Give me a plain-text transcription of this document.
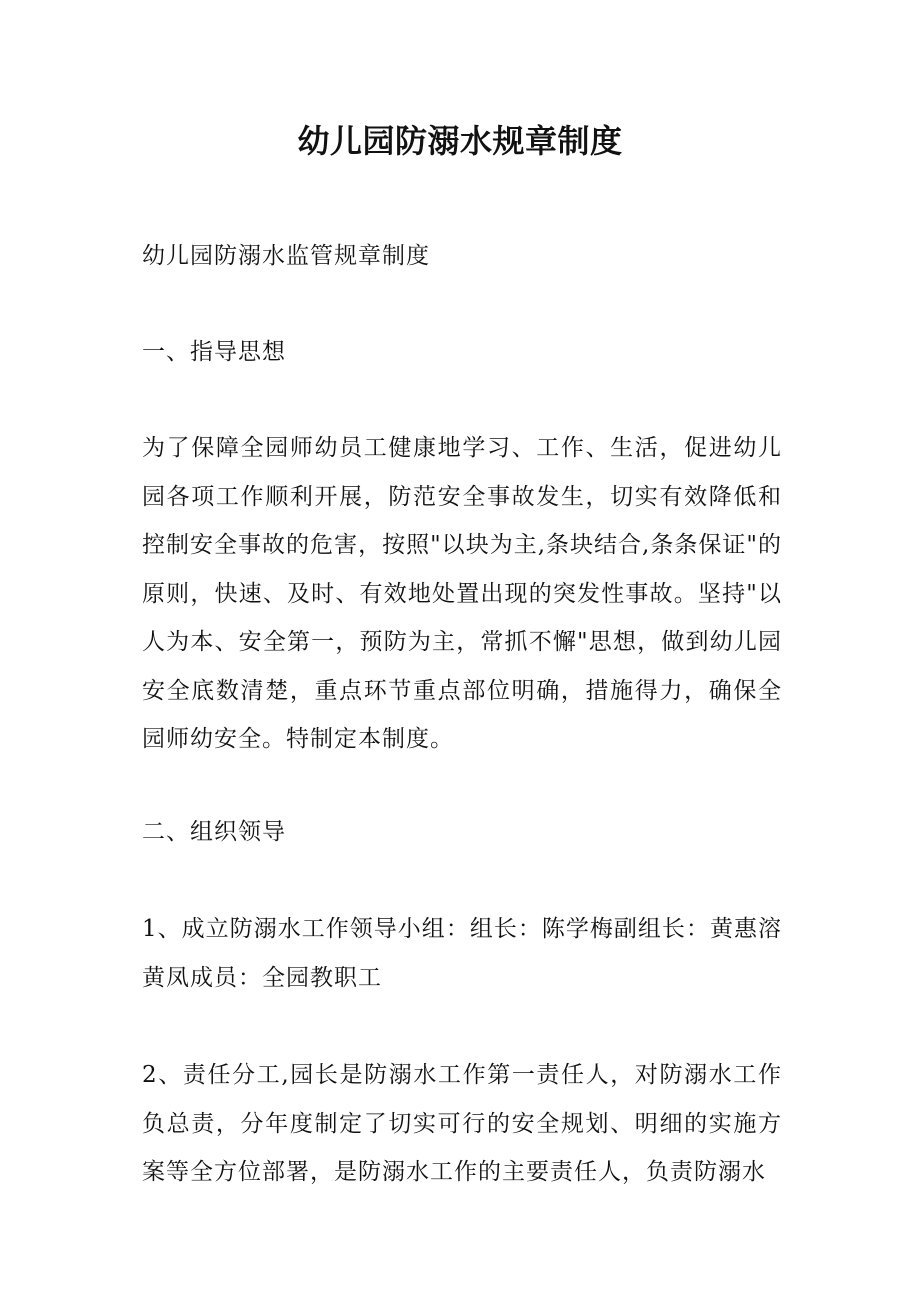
幼儿园防溺水规章制度

幼儿园防溺水监管规章制度

一、指导思想

为了保障全园师幼员工健康地学习、工作、生活，促进幼儿园各项工作顺利开展，防范安全事故发生，切实有效降低和控制安全事故的危害，按照"以块为主,条块结合,条条保证"的原则，快速、及时、有效地处置出现的突发性事故。坚持"以人为本、安全第一，预防为主，常抓不懈"思想，做到幼儿园安全底数清楚，重点环节重点部位明确，措施得力，确保全园师幼安全。特制定本制度。

二、组织领导

1、成立防溺水工作领导小组：组长：陈学梅副组长：黄惠溶黄凤成员：全园教职工

2、责任分工,园长是防溺水工作第一责任人，对防溺水工作负总责，分年度制定了切实可行的安全规划、明细的实施方案等全方位部署，是防溺水工作的主要责任人，负责防溺水
